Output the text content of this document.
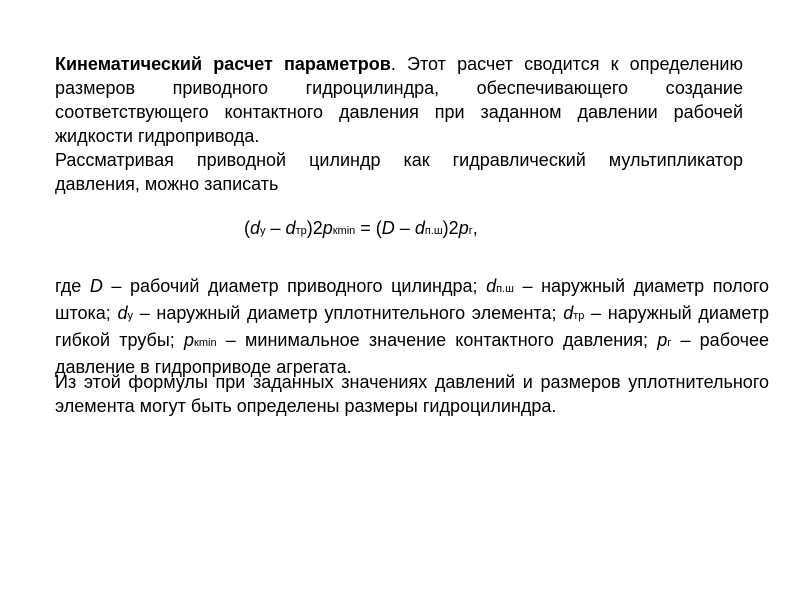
Кинематический расчет параметров. Этот расчет сводится к определению размеров приводного гидроцилиндра, обеспечивающего создание соответствующего контактного давления при заданном давлении рабочей жидкости гидропривода.

Рассматривая приводной цилиндр как гидравлический мультипликатор давления, можно записать

(dу – dтр)2pкmin = (D – dп.ш)2pг,

где D – рабочий диаметр приводного цилиндра; dп.ш – наружный диаметр полого штока; dу – наружный диаметр уплотнительного элемента; dтр – наружный диаметр гибкой трубы; pкmin – минимальное значение контактного давления; pг – рабочее давление в гидроприводе агрегата.

Из этой формулы при заданных значениях давлений и размеров уплотнительного элемента могут быть определены размеры гидроцилиндра.
